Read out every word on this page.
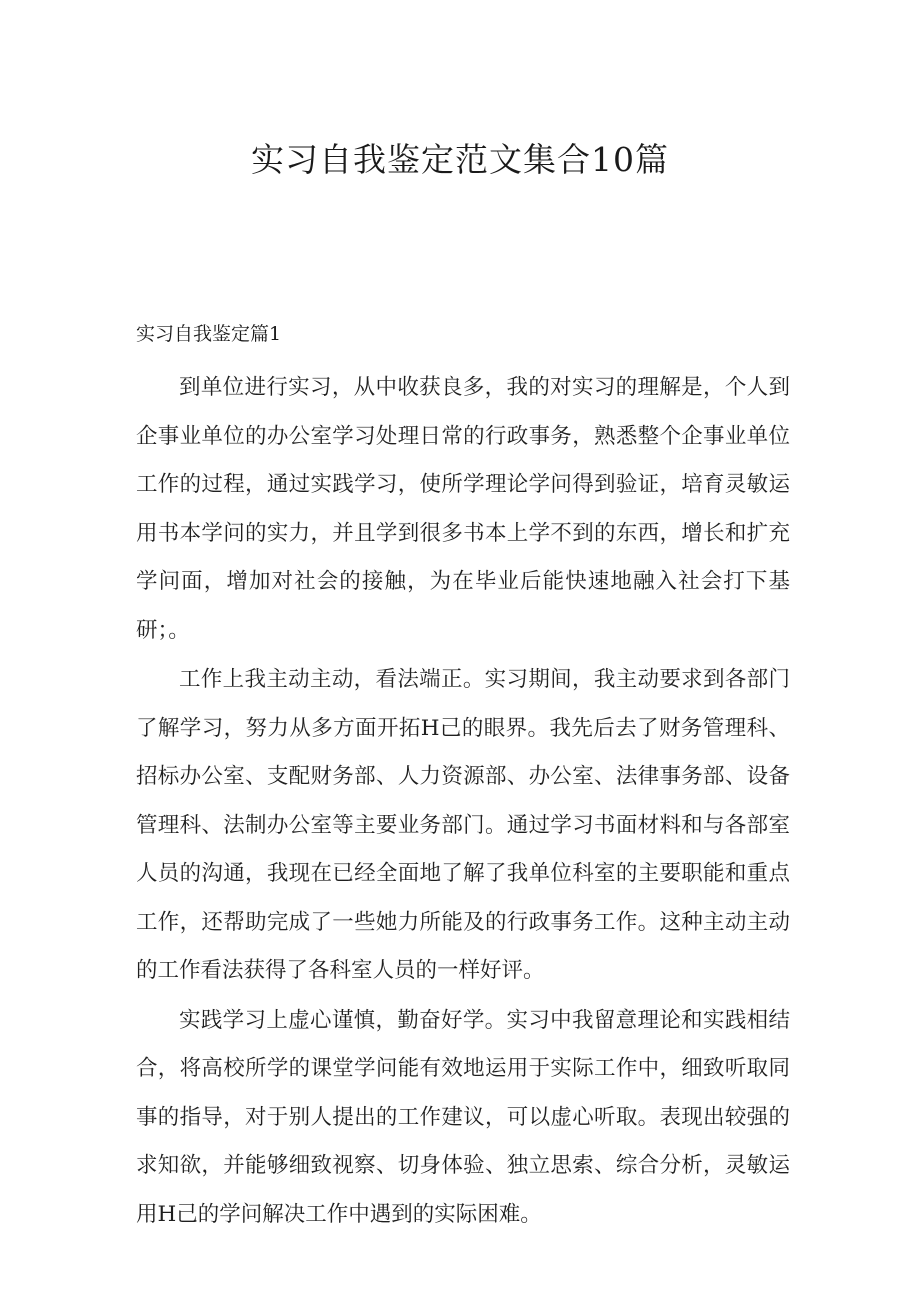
实习自我鉴定范文集合10篇
实习自我鉴定篇1

到单位进行实习，从中收获良多，我的对实习的理解是，个人到企事业单位的办公室学习处理日常的行政事务，熟悉整个企事业单位工作的过程，通过实践学习，使所学理论学问得到验证，培育灵敏运用书本学问的实力，并且学到很多书本上学不到的东西，增长和扩充学问面，增加对社会的接触，为在毕业后能快速地融入社会打下基研；。

工作上我主动主动，看法端正。实习期间，我主动要求到各部门了解学习，努力从多方面开拓H己的眼界。我先后去了财务管理科、招标办公室、支配财务部、人力资源部、办公室、法律事务部、设备管理科、法制办公室等主要业务部门。通过学习书面材料和与各部室人员的沟通，我现在已经全面地了解了我单位科室的主要职能和重点工作，还帮助完成了一些她力所能及的行政事务工作。这种主动主动的工作看法获得了各科室人员的一样好评。

实践学习上虚心谨慎，勤奋好学。实习中我留意理论和实践相结合，将高校所学的课堂学问能有效地运用于实际工作中，细致听取同事的指导，对于别人提出的工作建议，可以虚心听取。表现出较强的求知欲，并能够细致视察、切身体验、独立思索、综合分析，灵敏运用H己的学问解决工作中遇到的实际困难。
